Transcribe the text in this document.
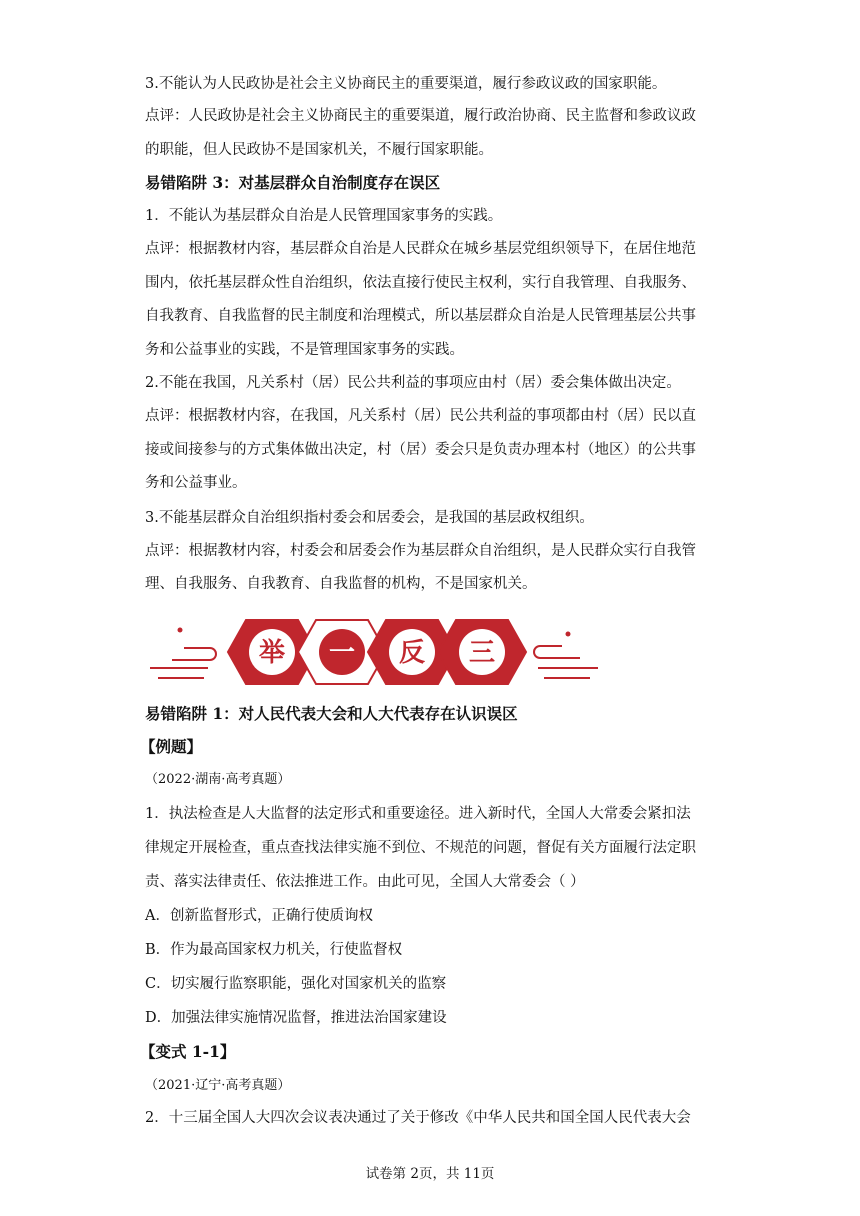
3.不能认为人民政协是社会主义协商民主的重要渠道，履行参政议政的国家职能。
点评：人民政协是社会主义协商民主的重要渠道，履行政治协商、民主监督和参政议政
的职能，但人民政协不是国家机关，不履行国家职能。
易错陷阱 3：对基层群众自治制度存在误区
1．不能认为基层群众自治是人民管理国家事务的实践。
点评：根据教材内容，基层群众自治是人民群众在城乡基层党组织领导下，在居住地范
围内，依托基层群众性自治组织，依法直接行使民主权利，实行自我管理、自我服务、
自我教育、自我监督的民主制度和治理模式，所以基层群众自治是人民管理基层公共事
务和公益事业的实践，不是管理国家事务的实践。
2.不能在我国，凡关系村（居）民公共利益的事项应由村（居）委会集体做出决定。
点评：根据教材内容，在我国，凡关系村（居）民公共利益的事项都由村（居）民以直
接或间接参与的方式集体做出决定，村（居）委会只是负责办理本村（地区）的公共事
务和公益事业。
3.不能基层群众自治组织指村委会和居委会，是我国的基层政权组织。
点评：根据教材内容，村委会和居委会作为基层群众自治组织，是人民群众实行自我管
理、自我服务、自我教育、自我监督的机构，不是国家机关。
举 一 反 三
易错陷阱 1：对人民代表大会和人大代表存在认识误区
【例题】
（2022·湖南·高考真题）
1．执法检查是人大监督的法定形式和重要途径。进入新时代，全国人大常委会紧扣法
律规定开展检查，重点查找法律实施不到位、不规范的问题，督促有关方面履行法定职
责、落实法律责任、依法推进工作。由此可见，全国人大常委会（ ）
A．创新监督形式，正确行使质询权
B．作为最高国家权力机关，行使监督权
C．切实履行监察职能，强化对国家机关的监察
D．加强法律实施情况监督，推进法治国家建设
【变式 1-1】
（2021·辽宁·高考真题）
2．十三届全国人大四次会议表决通过了关于修改《中华人民共和国全国人民代表大会
试卷第 2页，共 11页
